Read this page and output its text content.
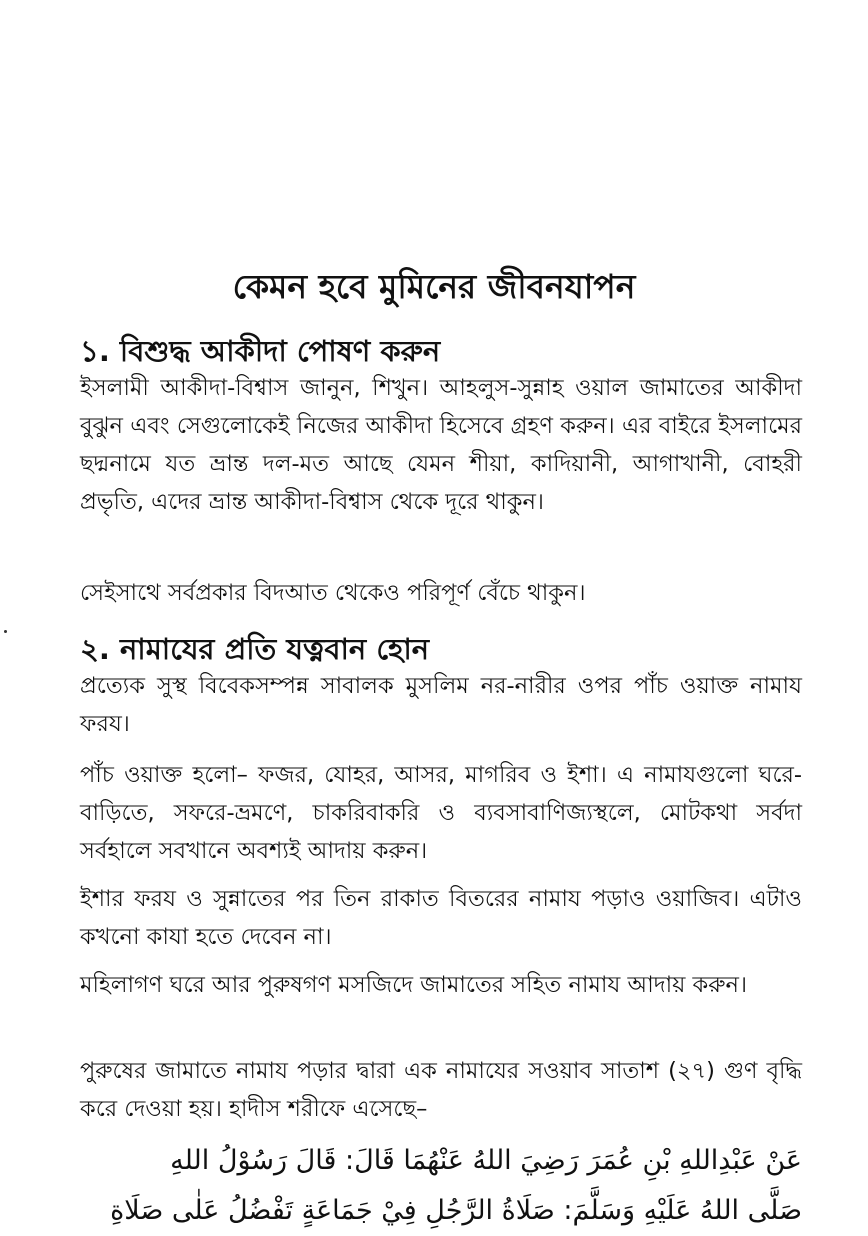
কেমন হবে মুমিনের জীবনযাপন
১. বিশুদ্ধ আকীদা পোষণ করুন
ইসলামী আকীদা-বিশ্বাস জানুন, শিখুন। আহলুস-সুন্নাহ ওয়াল জামাতের আকীদা বুঝুন এবং সেগুলোকেই নিজের আকীদা হিসেবে গ্রহণ করুন। এর বাইরে ইসলামের ছদ্মনামে যত ভ্রান্ত দল-মত আছে যেমন শীয়া, কাদিয়ানী, আগাখানী, বোহরী প্রভৃতি, এদের ভ্রান্ত আকীদা-বিশ্বাস থেকে দূরে থাকুন।
সেইসাথে সর্বপ্রকার বিদআত থেকেও পরিপূর্ণ বেঁচে থাকুন।
২. নামাযের প্রতি যত্নবান হোন
প্রত্যেক সুস্থ বিবেকসম্পন্ন সাবালক মুসলিম নর-নারীর ওপর পাঁচ ওয়াক্ত নামায ফরয।
পাঁচ ওয়াক্ত হলো– ফজর, যোহর, আসর, মাগরিব ও ইশা। এ নামাযগুলো ঘরে-বাড়িতে, সফরে-ভ্রমণে, চাকরিবাকরি ও ব্যবসাবাণিজ্যস্থলে, মোটকথা সর্বদা সর্বহালে সবখানে অবশ্যই আদায় করুন।
ইশার ফরয ও সুন্নাতের পর তিন রাকাত বিতরের নামায পড়াও ওয়াজিব। এটাও কখনো কাযা হতে দেবেন না।
মহিলাগণ ঘরে আর পুরুষগণ মসজিদে জামাতের সহিত নামায আদায় করুন।
পুরুষের জামাতে নামায পড়ার দ্বারা এক নামাযের সওয়াব সাতাশ (২৭) গুণ বৃদ্ধি করে দেওয়া হয়। হাদীস শরীফে এসেছে–
عَنْ عَبْدِاللهِ بْنِ عُمَرَ رَضِيَ اللهُ عَنْهُمَا قَالَ: قَالَ رَسُوْلُ اللهِ
صَلَّى اللهُ عَلَيْهِ وَسَلَّمَ: صَلَاةُ الرَّجُلِ فِيْ جَمَاعَةٍ تَفْضُلُ عَلٰى صَلَاةِ
